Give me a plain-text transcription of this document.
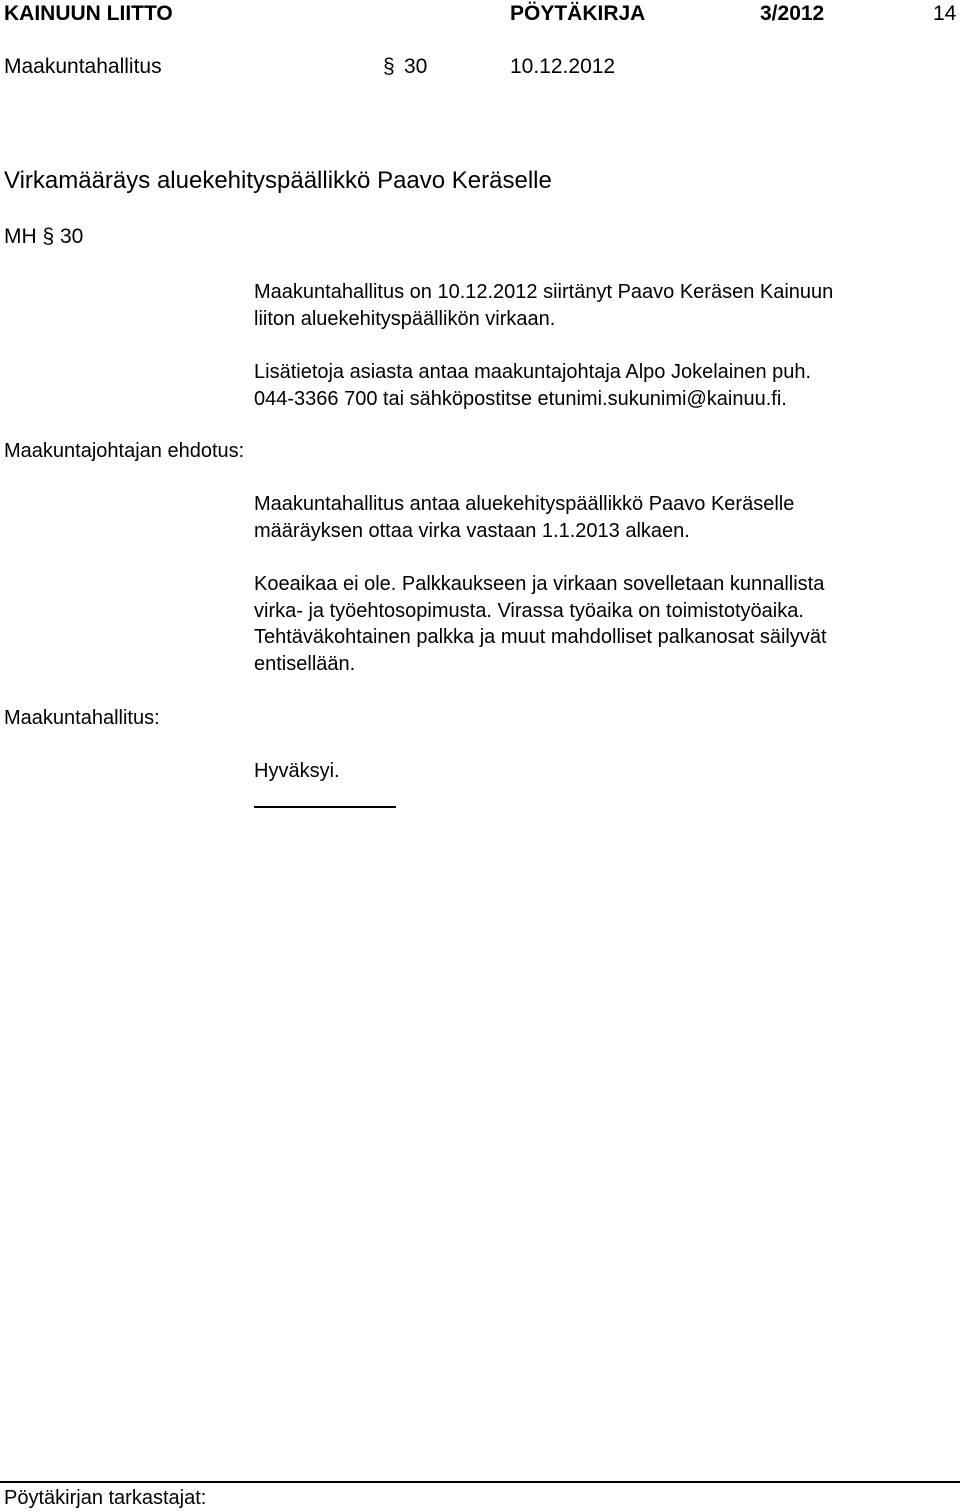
KAINUUN LIITTO	PÖYTÄKIRJA	3/2012	14
Maakuntahallitus	§ 30	10.12.2012
Virkamääräys aluekehityspäällikkö Paavo Keräselle
MH § 30
Maakuntahallitus on 10.12.2012 siirtänyt Paavo Keräsen Kainuun
liiton aluekehityspäällikön virkaan.
Lisätietoja asiasta antaa maakuntajohtaja Alpo Jokelainen puh.
044-3366 700 tai sähköpostitse etunimi.sukunimi@kainuu.fi.
Maakuntajohtajan ehdotus:
Maakuntahallitus antaa aluekehityspäällikkö Paavo Keräselle
määräyksen ottaa virka vastaan 1.1.2013 alkaen.
Koeaikaa ei ole. Palkkaukseen ja virkaan sovelletaan kunnallista
virka- ja työehtosopimusta. Virassa työaika on toimistotyöaika.
Tehtäväkohtainen palkka ja muut mahdolliset palkanosat säilyvät
entisellään.
Maakuntahallitus:
Hyväksyi.
Pöytäkirjan tarkastajat:
